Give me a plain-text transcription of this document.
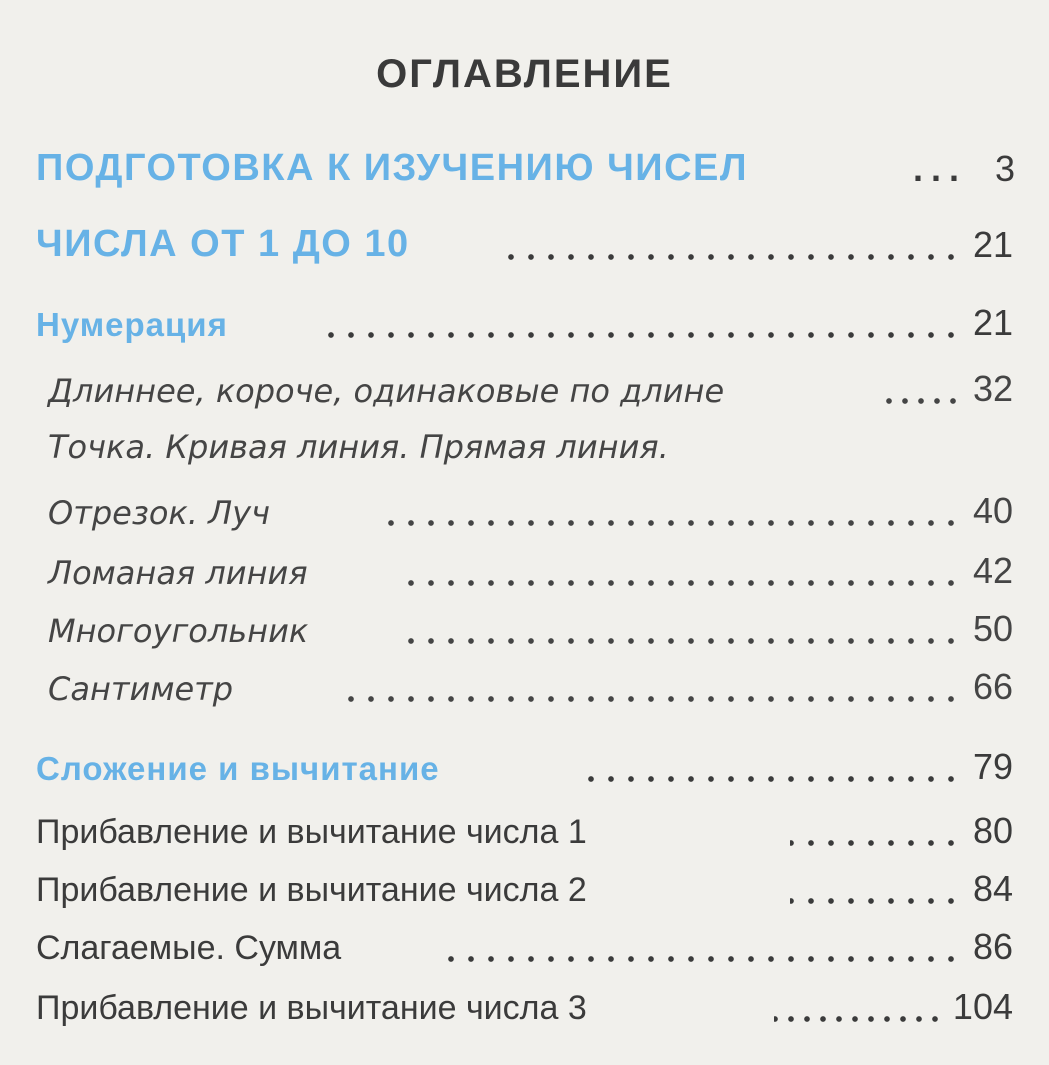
ОГЛАВЛЕНИЕ
ПОДГОТОВКА К ИЗУЧЕНИЮ ЧИСЕЛ	... 3
ЧИСЛА ОТ 1 ДО 10	21
Нумерация	21
Длиннее, короче, одинаковые по длине	32
Точка. Кривая линия. Прямая линия.
Отрезок. Луч	40
Ломаная линия	42
Многоугольник	50
Сантиметр	66
Сложение и вычитание	79
Прибавление и вычитание числа 1	80
Прибавление и вычитание числа 2	84
Слагаемые. Сумма	86
Прибавление и вычитание числа 3	104
